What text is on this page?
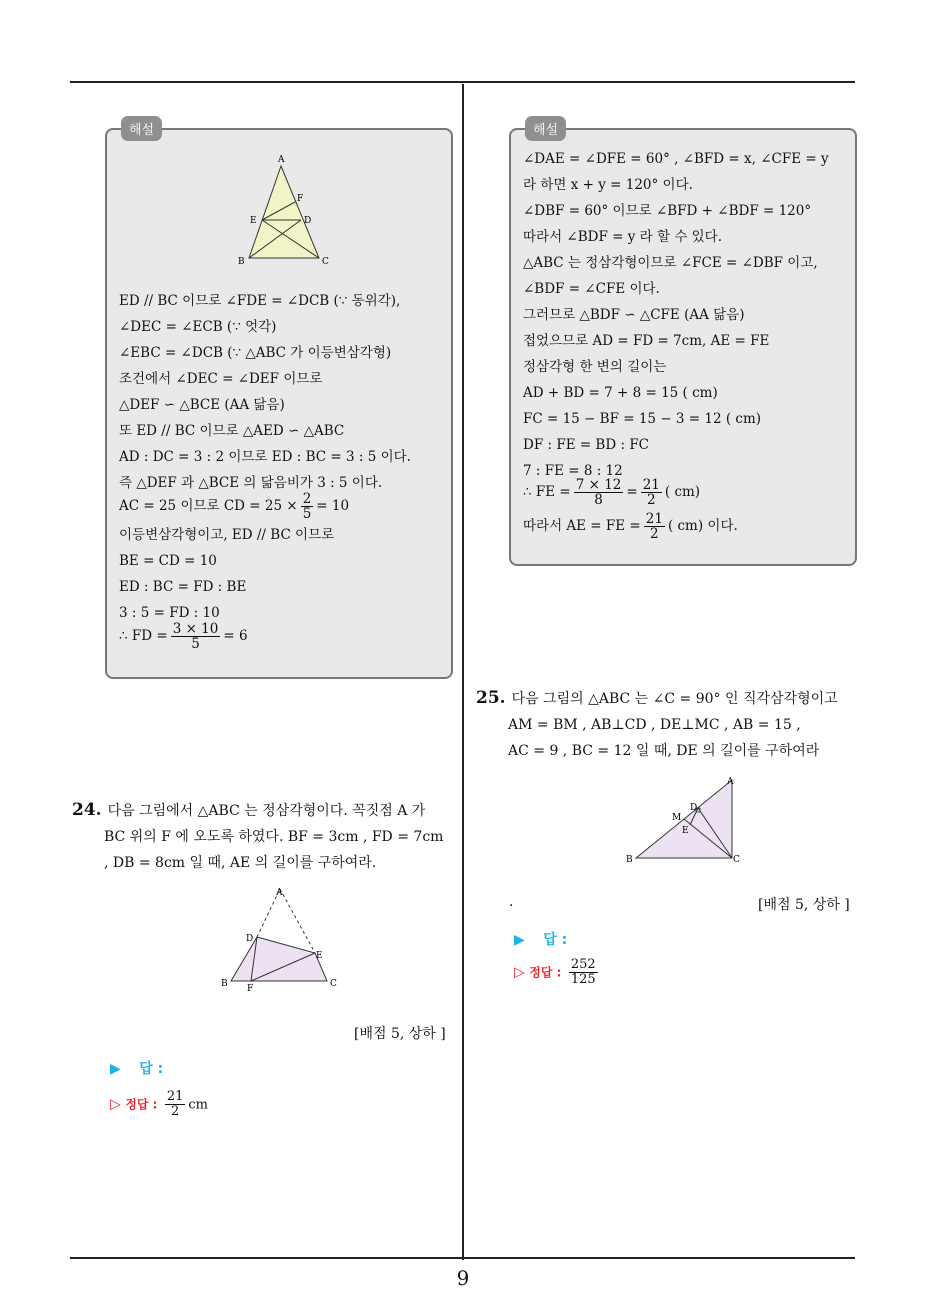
9
해설
A
F
E	D
B	C
ED // BC 이므로 ∠FDE = ∠DCB (∵ 동위각),
∠DEC = ∠ECB (∵ 엇각)
∠EBC = ∠DCB (∵ △ABC 가 이등변삼각형)
조건에서 ∠DEC = ∠DEF 이므로
△DEF ∽ △BCE (AA 닮음)
또 ED // BC 이므로 △AED ∽ △ABC
AD : DC = 3 : 2 이므로 ED : BC = 3 : 5 이다.
즉 △DEF 과 △BCE 의 닮음비가 3 : 5 이다.
AC = 25 이므로 CD = $25 \times \frac{2}{5} = 10$
이등변삼각형이고, ED // BC 이므로
BE = CD = 10
ED : BC = FD : BE
3 : 5 = FD : 10
∴ FD = $\frac{3 \times 10}{5} = 6$
해설
∠DAE = ∠DFE = 60° , ∠BFD = x, ∠CFE = y
라 하면 x + y = 120° 이다.
∠DBF = 60° 이므로 ∠BFD + ∠BDF = 120°
따라서 ∠BDF = y 라 할 수 있다.
△ABC 는 정삼각형이므로 ∠FCE = ∠DBF 이고,
∠BDF = ∠CFE 이다.
그러므로 △BDF ∽ △CFE (AA 닮음)
접었으므로 AD = FD = 7cm, AE = FE
정삼각형 한 변의 길이는
AD + BD = 7 + 8 = 15 ( cm)
FC = 15 − BF = 15 − 3 = 12 ( cm)
DF : FE = BD : FC
7 : FE = 8 : 12
∴ FE = $\frac{7 \times 12}{8} = \frac{21}{2}$ ( cm)
따라서 AE = FE = $\frac{21}{2}$ ( cm) 이다.
24. 다음 그림에서 △ABC 는 정삼각형이다. 꼭짓점 A 가
BC 위의 F 에 오도록 하였다. BF = 3cm , FD = 7cm
, DB = 8cm 일 때, AE 의 길이를 구하여라.
A
D
E
B F	C
[배점 5, 상하 ]
▶ 답 :
▷ 정답 : $\frac{21}{2}$ cm
25. 다음 그림의 △ABC 는 ∠C = 90° 인 직각삼각형이고
AM = BM , AB⊥CD , DE⊥MC , AB = 15 ,
AC = 9 , BC = 12 일 때, DE 의 길이를 구하여라
A
D
M
E
B	C
.	[배점 5, 상하 ]
▶ 답 :
▷ 정답 : $\frac{252}{125}$
